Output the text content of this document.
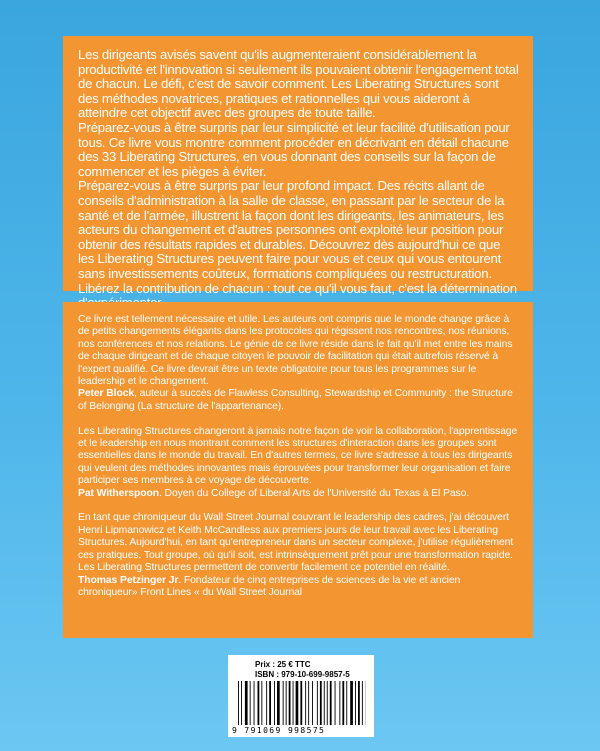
Les dirigeants avisés savent qu'ils augmenteraient considérablement la productivité et l'innovation si seulement ils pouvaient obtenir l'engagement total de chacun. Le défi, c'est de savoir comment. Les Liberating Structures sont des méthodes novatrices, pratiques et rationnelles qui vous aideront à atteindre cet objectif avec des groupes de toute taille.

Préparez-vous à être surpris par leur simplicité et leur facilité d'utilisation pour tous. Ce livre vous montre comment procéder en décrivant en détail chacune des 33 Liberating Structures, en vous donnant des conseils sur la façon de commencer et les pièges à éviter.

Préparez-vous à être surpris par leur profond impact. Des récits allant de conseils d'administration à la salle de classe, en passant par le secteur de la santé et de l'armée, illustrent la façon dont les dirigeants, les animateurs, les acteurs du changement et d'autres personnes ont exploité leur position pour obtenir des résultats rapides et durables. Découvrez dès aujourd'hui ce que les Liberating Structures peuvent faire pour vous et ceux qui vous entourent sans investissements coûteux, formations compliquées ou restructuration. Libérez la contribution de chacun : tout ce qu'il vous faut, c'est la détermination

Ce livre est tellement nécessaire et utile. Les auteurs ont compris que le monde change grâce à de petits changements élégants dans les protocoles qui régissent nos rencontres, nos réunions, nos conférences et nos relations. Le génie de ce livre réside dans le fait qu'il met entre les mains de chaque dirigeant et de chaque citoyen le pouvoir de facilitation qui était autrefois réservé à l'expert qualifié. Ce livre devrait être un texte obligatoire pour tous les programmes sur le leadership et le changement.

Peter Block, auteur à succès de Flawless Consulting, Stewardship et Community : the Structure of Belonging (La structure de l'appartenance).

Les Liberating Structures changeront à jamais notre façon de voir la collaboration, l'apprentissage et le leadership en nous montrant comment les structures d'interaction dans les groupes sont essentielles dans le monde du travail. En d'autres termes, ce livre s'adresse à tous les dirigeants qui veulent des méthodes innovantes mais éprouvées pour transformer leur organisation et faire participer ses membres à ce voyage de découverte.

Pat Witherspoon. Doyen du College of Liberal Arts de l'Université du Texas à El Paso.

En tant que chroniqueur du Wall Street Journal couvrant le leadership des cadres, j'ai découvert Henri Lipmanowicz et Keith McCandless aux premiers jours de leur travail avec les Liberating Structures. Aujourd'hui, en tant qu'entrepreneur dans un secteur complexe, j'utilise régulièrement ces pratiques. Tout groupe, où qu'il soit, est intrinsèquement prêt pour une transformation rapide. Les Liberating Structures permettent de convertir facilement ce potentiel en réalité.

Thomas Petzinger Jr. Fondateur de cinq entreprises de sciences de la vie et ancien chroniqueur» Front Lines « du Wall Street Journal

Prix : 25 € TTC
ISBN : 979-10-699-9857-5
9 791069 998575
